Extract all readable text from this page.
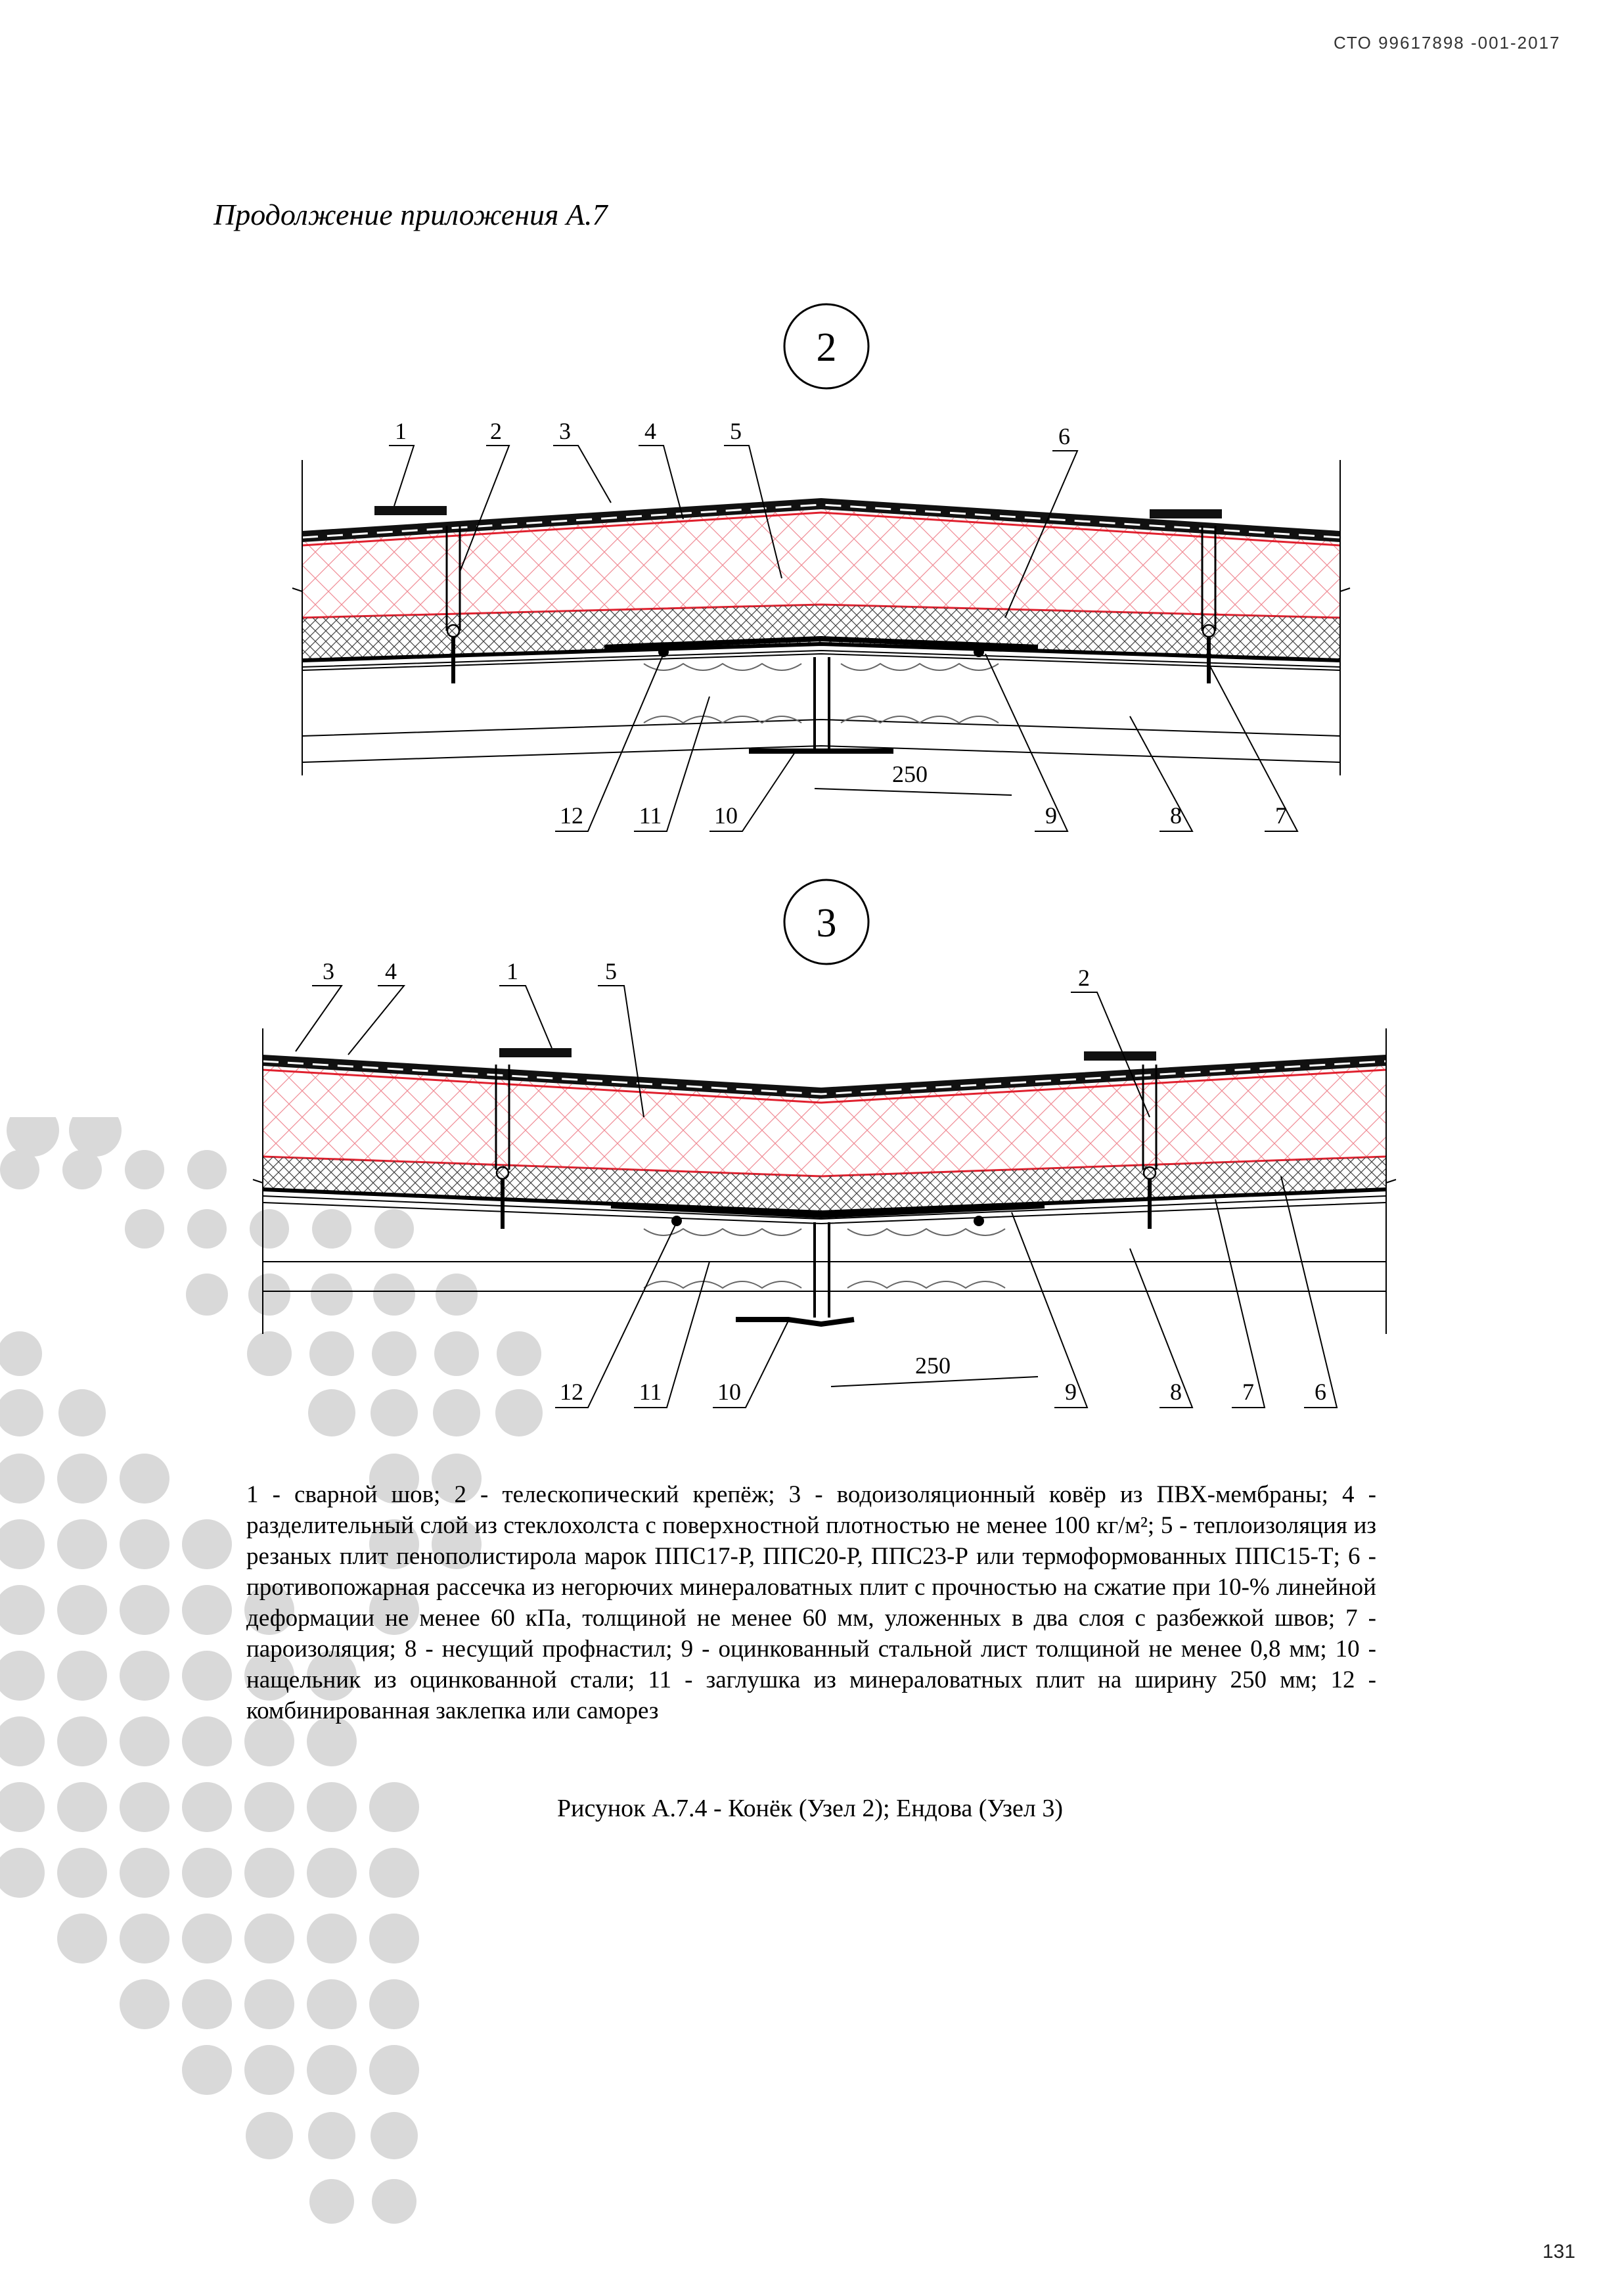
СТО 99617898 -001-2017
Продолжение приложения А.7
2
250
1	2 3	4	5	6
12 11 10	9	8	7
3
250
3 4	1	5	2
12 11 10	9	8	7	6
1 - сварной шов; 2 - телескопический крепёж; 3 - водоизоляционный ковёр из ПВХ-мембраны; 4 - разделительный слой из стеклохолста с поверхностной плотностью не менее 100 кг/м²; 5 - теплоизоляция из резаных плит пенополистирола марок ППС17-Р, ППС20-Р, ППС23-Р или термоформованных ППС15-Т; 6 - противопожарная рассечка из негорючих минераловатных плит с прочностью на сжатие при 10-% линейной деформации не менее 60 кПа, толщиной не менее 60 мм, уложенных в два слоя с разбежкой швов; 7 - пароизоляция; 8 - несущий профнастил; 9 - оцинкованный стальной лист толщиной не менее 0,8 мм; 10 - нащельник из оцинкованной стали; 11 - заглушка из минераловатных плит на ширину 250 мм; 12 - комбинированная заклепка или саморез
Рисунок А.7.4 - Конёк (Узел 2); Ендова (Узел 3)
131
